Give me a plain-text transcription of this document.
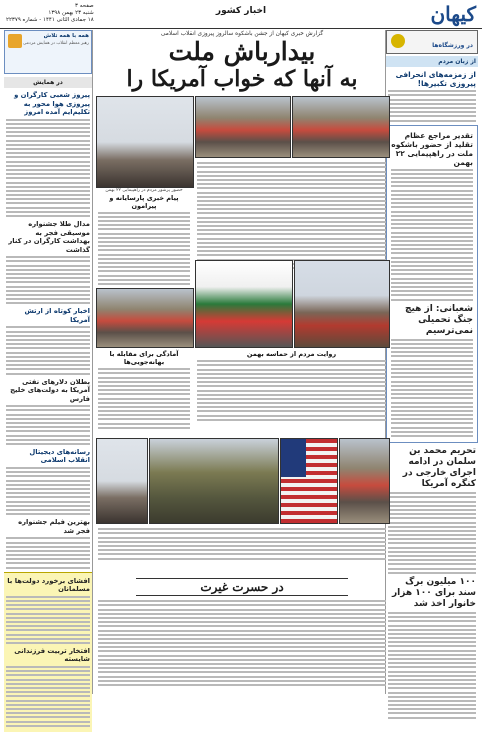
کیهان
اخبار کشور
صفحه ۳
شنبه ۲۳ بهمن ۱۳۹۸
۱۸ جمادی الثانی ۱۴۴۱ - شماره ۲۲۳۷۹
در ورزشگاه‌ها
از زبان مردم
از زمزمه‌های انحرافی پیروزی تکبیرها!
تقدیر مراجع عظام تقلید از حضور باشکوه ملت در راهپیمایی ۲۲ بهمن
شعبانی: از هیچ جنگ تحمیلی نمی‌ترسیم
تحریم محمد بن سلمان در ادامه اجرای خارجی در کنگره آمریکا
۱۰۰ میلیون برگ سند برای ۱۰۰ هزار خانوار اخذ شد
همه با همه تلاش
رهبر معظم انقلاب در همایش مردمی
در همایش
پیروز شعبی‌ کارگران و پیروزی هوا محور به تکلیم‌ایم آمده امروز
مدال طلا جشنواره موسیقی فجر به بهداشت کارگران در کنار گذاشت
اخبار کوتاه از ارتش آمریکا
بطلان دلارهای نفتی آمریکا به دولت‌های خلیج فارس
رسانه‌های دیجیتال انقلاب اسلامی
بهترین فیلم جشنواره فجر شد
افشای برخورد دولت‌ها با مسلمانان
افتخار تربیت فرزندانی شایسته
گزارش خبری کیهان از جشن باشکوه سالروز پیروزی انقلاب اسلامی
بیدارباش ملت
به آنها که خواب آمریکا را
حضور پرشور مردم در راهپیمایی ۲۲ بهمن
پیام خبری پارسایانه و پیرامون
آمادگی برای مقابله با بهانه‌جویی‌ها
روایت مردم از حماسه بهمن
در حسرت غیرت
